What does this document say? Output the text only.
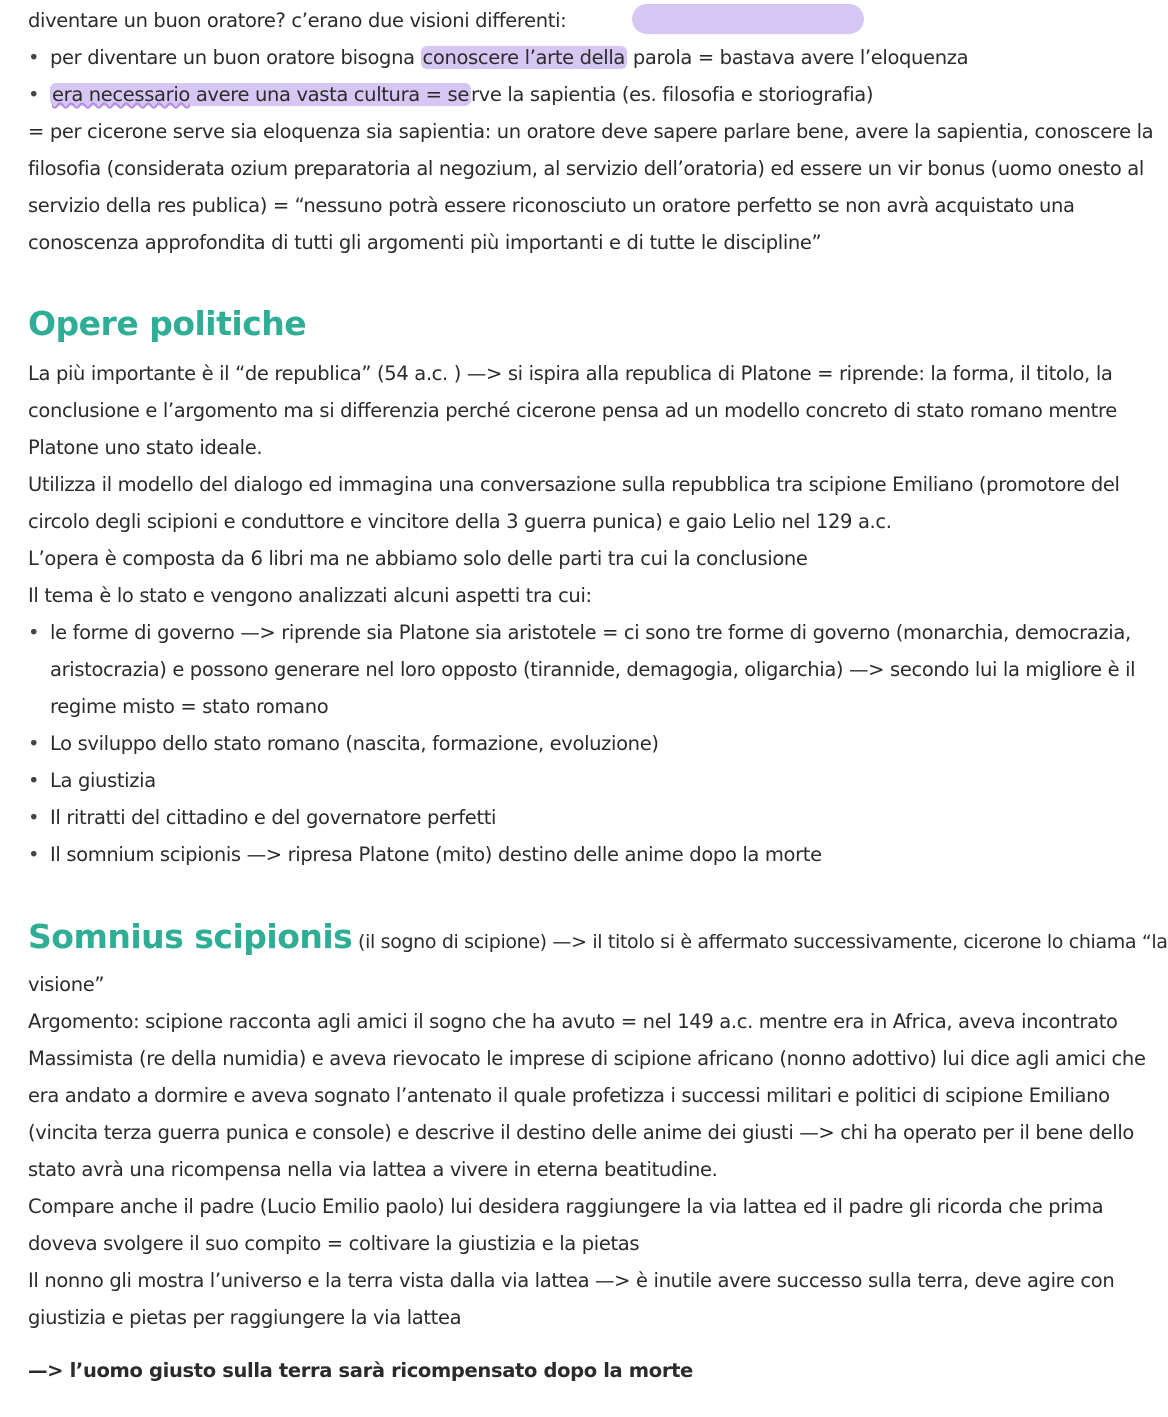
diventare un buon oratore? c’erano due visioni differenti:
• per diventare un buon oratore bisogna conoscere l’arte della parola = bastava avere l’eloquenza
• era necessario avere una vasta cultura = se rve la sapientia (es. filosofia e storiografia)
= per cicerone serve sia eloquenza sia sapientia: un oratore deve sapere parlare bene, avere la sapientia, conoscere la
filosofia (considerata ozium preparatoria al negozium, al servizio dell’oratoria) ed essere un vir bonus (uomo onesto al
servizio della res publica) = “nessuno potrà essere riconosciuto un oratore perfetto se non avrà acquistato una
conoscenza approfondita di tutti gli argomenti più importanti e di tutte le discipline”
Opere politiche
La più importante è il “de republica” (54 a.c. ) —> si ispira alla republica di Platone = riprende: la forma, il titolo, la
conclusione e l’argomento ma si differenzia perché cicerone pensa ad un modello concreto di stato romano mentre
Platone uno stato ideale.
Utilizza il modello del dialogo ed immagina una conversazione sulla repubblica tra scipione Emiliano (promotore del
circolo degli scipioni e conduttore e vincitore della 3 guerra punica) e gaio Lelio nel 129 a.c.
L’opera è composta da 6 libri ma ne abbiamo solo delle parti tra cui la conclusione
Il tema è lo stato e vengono analizzati alcuni aspetti tra cui:
• le forme di governo —> riprende sia Platone sia aristotele = ci sono tre forme di governo (monarchia, democrazia,
aristocrazia) e possono generare nel loro opposto (tirannide, demagogia, oligarchia) —> secondo lui la migliore è il
regime misto = stato romano
• Lo sviluppo dello stato romano (nascita, formazione, evoluzione)
• La giustizia
• Il ritratti del cittadino e del governatore perfetti
• Il somnium scipionis —> ripresa Platone (mito) destino delle anime dopo la morte
Somnius scipionis (il sogno di scipione) —> il titolo si è affermato successivamente, cicerone lo chiama “la
visione”
Argomento: scipione racconta agli amici il sogno che ha avuto = nel 149 a.c. mentre era in Africa, aveva incontrato
Massimista (re della numidia) e aveva rievocato le imprese di scipione africano (nonno adottivo) lui dice agli amici che
era andato a dormire e aveva sognato l’antenato il quale profetizza i successi militari e politici di scipione Emiliano
(vincita terza guerra punica e console) e descrive il destino delle anime dei giusti —> chi ha operato per il bene dello
stato avrà una ricompensa nella via lattea a vivere in eterna beatitudine.
Compare anche il padre (Lucio Emilio paolo) lui desidera raggiungere la via lattea ed il padre gli ricorda che prima
doveva svolgere il suo compito = coltivare la giustizia e la pietas
Il nonno gli mostra l’universo e la terra vista dalla via lattea —> è inutile avere successo sulla terra, deve agire con
giustizia e pietas per raggiungere la via lattea
—> l’uomo giusto sulla terra sarà ricompensato dopo la morte
